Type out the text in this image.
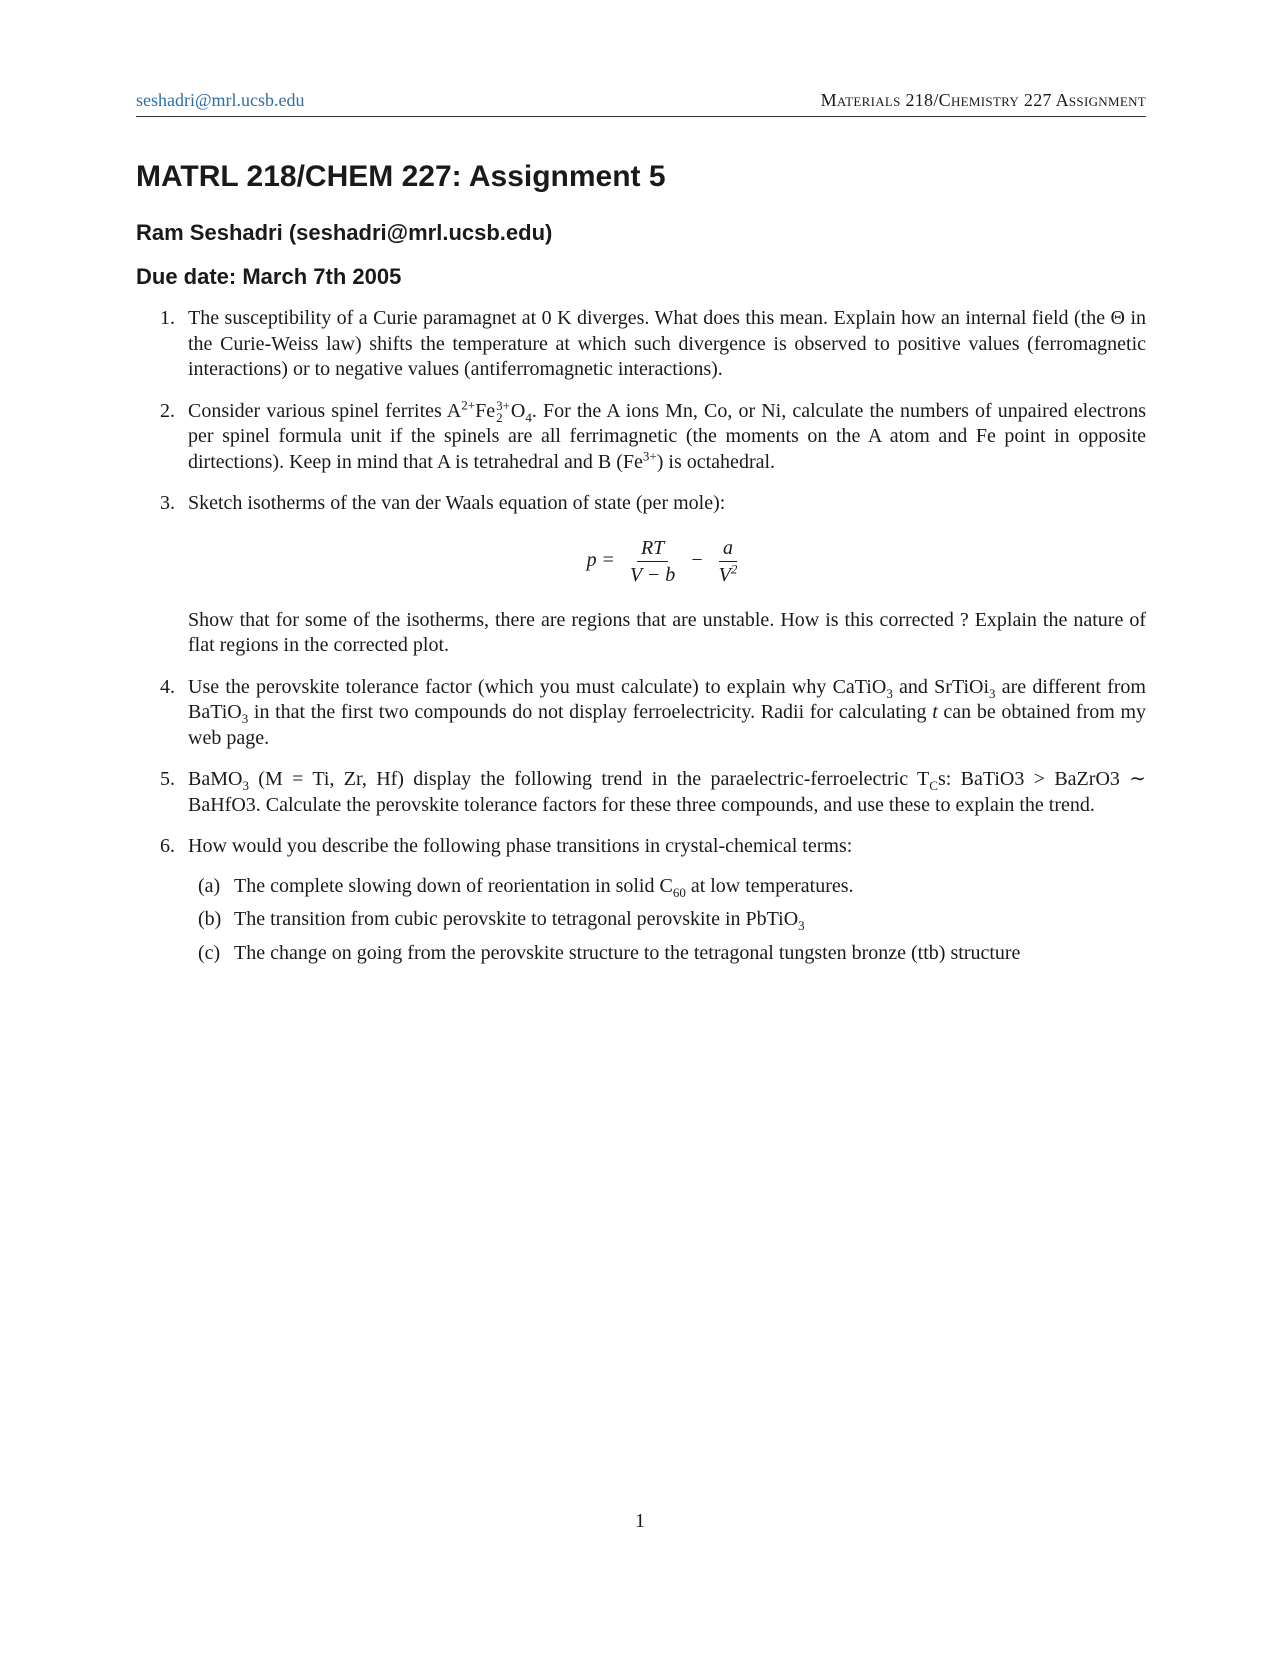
seshadri@mrl.ucsb.edu	Materials 218/Chemistry 227 Assignment
MATRL 218/CHEM 227: Assignment 5
Ram Seshadri (seshadri@mrl.ucsb.edu)
Due date: March 7th 2005
1. The susceptibility of a Curie paramagnet at 0 K diverges. What does this mean. Explain how an internal field (the Θ in the Curie-Weiss law) shifts the temperature at which such divergence is observed to positive values (ferromagnetic interactions) or to negative values (antiferromagnetic interactions).

2. Consider various spinel ferrites $A^{2+}Fe$ 3+
2 $O_4$. For the A ions Mn, Co, or Ni, calculate the numbers of unpaired electrons per spinel formula unit if the spinels are all ferrimagnetic (the moments on the A atom and Fe point in opposite dirtections). Keep in mind that A is tetrahedral and B $(Fe^{3+})$ is octahedral.

3. Sketch isotherms of the van der Waals equation of state (per mole):

$p = \frac{RT}{V - b} - \frac{a}{V^2}$

Show that for some of the isotherms, there are regions that are unstable. How is this corrected ? Explain the nature of flat regions in the corrected plot.

4. Use the perovskite tolerance factor (which you must calculate) to explain why CaTiO$_3$ and SrTiOi$_3$ are different from BaTiO$_3$ in that the first two compounds do not display ferroelectricity. Radii for calculating t can be obtained from my web page.

5. BaMO$_3$ (M = Ti, Zr, Hf) display the following trend in the paraelectric-ferroelectric $T_Cs$: BaTiO3 > BaZrO3 ∼ BaHfO3. Calculate the perovskite tolerance factors for these three compounds, and use these to explain the trend.

6. How would you describe the following phase transitions in crystal-chemical terms:

(a) The complete slowing down of reorientation in solid $C_{60}$ at low temperatures.
(b) The transition from cubic perovskite to tetragonal perovskite in PbTiO$_3$
(c) The change on going from the perovskite structure to the tetragonal tungsten bronze (ttb) structure
1
